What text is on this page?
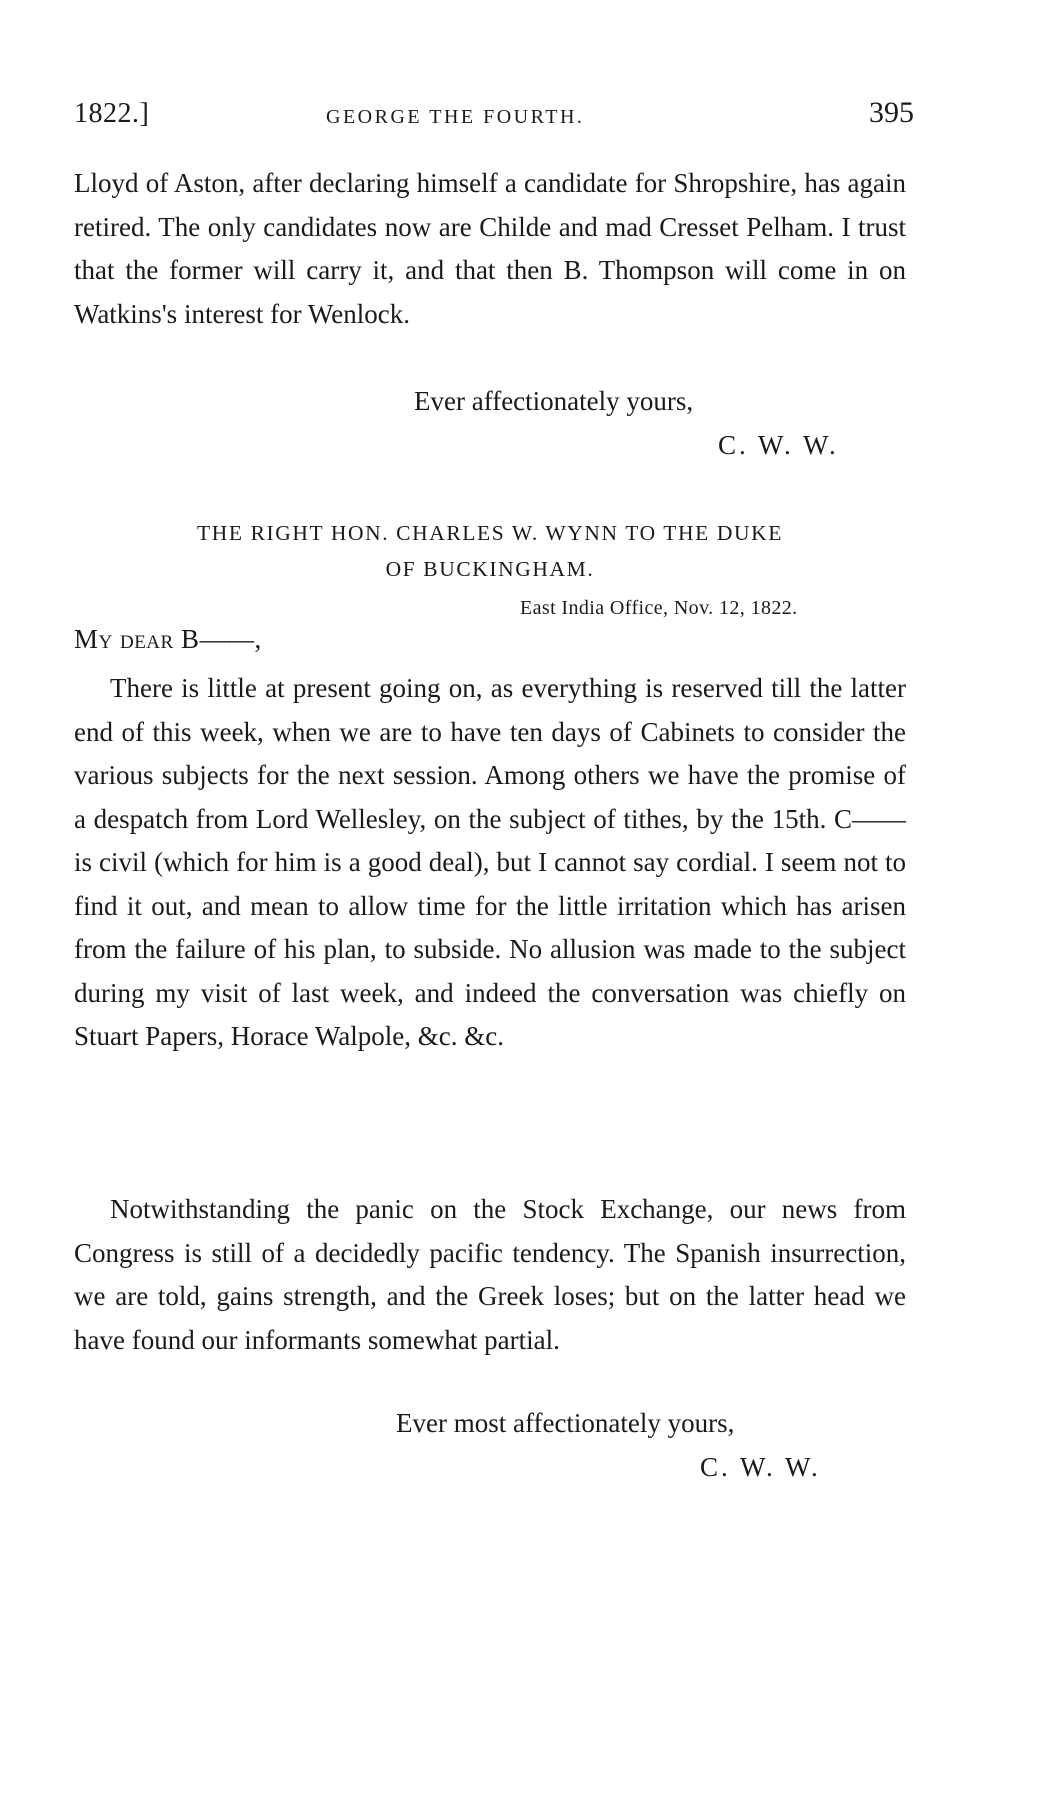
1822.]	GEORGE THE FOURTH.	395

Lloyd of Aston, after declaring himself a candidate for Shropshire, has again retired. The only candidates now are Childe and mad Cresset Pelham. I trust that the former will carry it, and that then B. Thompson will come in on Watkins's interest for Wenlock.

Ever affectionately yours,
C. W. W.
THE RIGHT HON. CHARLES W. WYNN TO THE DUKE
OF BUCKINGHAM.
East India Office, Nov. 12, 1822.
My dear B——,

There is little at present going on, as everything is reserved till the latter end of this week, when we are to have ten days of Cabinets to consider the various subjects for the next session. Among others we have the promise of a despatch from Lord Wellesley, on the subject of tithes, by the 15th. C—— is civil (which for him is a good deal), but I cannot say cordial. I seem not to find it out, and mean to allow time for the little irritation which has arisen from the failure of his plan, to subside. No allusion was made to the subject during my visit of last week, and indeed the conversation was chiefly on Stuart Papers, Horace Walpole, &c. &c.

Notwithstanding the panic on the Stock Exchange, our news from Congress is still of a decidedly pacific tendency. The Spanish insurrection, we are told, gains strength, and the Greek loses; but on the latter head we have found our informants somewhat partial.

Ever most affectionately yours,
C. W. W.
